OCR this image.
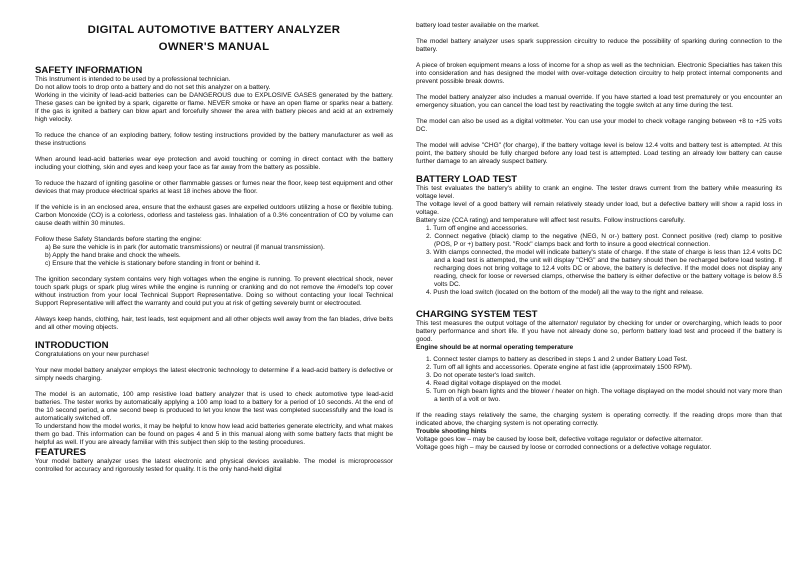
DIGITAL AUTOMOTIVE BATTERY ANALYZER
OWNER'S MANUAL
SAFETY INFORMATION

This Instrument is intended to be used by a professional technician.

Do not allow tools to drop onto a battery and do not set this analyzer on a battery.

Working in the vicinity of lead-acid batteries can be DANGEROUS due to EXPLOSIVE GASES generated by the battery. These gases can be ignited by a spark, cigarette or flame. NEVER smoke or have an open flame or sparks near a battery. If the gas is ignited a battery can blow apart and forcefully shower the area with battery pieces and acid at an extremely high velocity.

To reduce the chance of an exploding battery, follow testing instructions provided by the battery manufacturer as well as these instructions

When around lead-acid batteries wear eye protection and avoid touching or coming in direct contact with the battery including your clothing, skin and eyes and keep your face as far away from the battery as possible.

To reduce the hazard of igniting gasoline or other flammable gasses or fumes near the floor, keep test equipment and other devices that may produce electrical sparks at least 18 inches above the floor.

If the vehicle is in an enclosed area, ensure that the exhaust gases are expelled outdoors utilizing a hose or flexible tubing. Carbon Monoxide (CO) is a colorless, odorless and tasteless gas. Inhalation of a 0.3% concentration of CO by volume can cause death within 30 minutes.

Follow these Safety Standards before starting the engine:

a) Be sure the vehicle is in park (for automatic transmissions) or neutral (if manual transmission).

b) Apply the hand brake and chock the wheels.

c) Ensure that the vehicle is stationary before standing in front or behind it.

The ignition secondary system contains very high voltages when the engine is running. To prevent electrical shock, never touch spark plugs or spark plug wires while the engine is running or cranking and do not remove the #model's top cover without instruction from your local Technical Support Representative. Doing so without contacting your local Technical Support Representative will affect the warranty and could put you at risk of getting severely burnt or electrocuted.

Always keep hands, clothing, hair, test leads, test equipment and all other objects well away from the fan blades, drive belts and all other moving objects.

INTRODUCTION

Congratulations on your new purchase!

Your new model battery analyzer employs the latest electronic technology to determine if a lead-acid battery is defective or simply needs charging.

The model is an automatic, 100 amp resistive load battery analyzer that is used to check automotive type lead-acid batteries. The tester works by automatically applying a 100 amp load to a battery for a period of 10 seconds. At the end of the 10 second period, a one second beep is produced to let you know the test was completed successfully and the load is automatically switched off.

To understand how the model works, it may be helpful to know how lead acid batteries generate electricity, and what makes them go bad. This information can be found on pages 4 and 5 in this manual along with some battery facts that might be helpful as well. If you are already familiar with this subject then skip to the testing procedures.

FEATURES

Your model battery analyzer uses the latest electronic and physical devices available. The model is microprocessor controlled for accuracy and rigorously tested for quality. It is the only hand-held digital

battery load tester available on the market.

The model battery analyzer uses spark suppression circuitry to reduce the possibility of sparking during connection to the battery.

A piece of broken equipment means a loss of income for a shop as well as the technician. Electronic Specialties has taken this into consideration and has designed the model with over-voltage detection circuitry to help protect internal components and prevent possible break downs.

The model battery analyzer also includes a manual override. If you have started a load test prematurely or you encounter an emergency situation, you can cancel the load test by reactivating the toggle switch at any time during the test.

The model can also be used as a digital voltmeter. You can use your model to check voltage ranging between +8 to +25 volts DC.

The model will advise "CHG" (for charge), if the battery voltage level is below 12.4 volts and battery test is attempted. At this point, the battery should be fully charged before any load test is attempted. Load testing an already low battery can cause further damage to an already suspect battery.

BATTERY LOAD TEST

This test evaluates the battery's ability to crank an engine. The tester draws current from the battery while measuring its voltage level.

The voltage level of a good battery will remain relatively steady under load, but a defective battery will show a rapid loss in voltage.

Battery size (CCA rating) and temperature will affect test results. Follow instructions carefully.

1. Turn off engine and accessories.

2. Connect negative (black) clamp to the negative (NEG, N or-) battery post. Connect positive (red) clamp to positive (POS, P or +) battery post. "Rock" clamps back and forth to insure a good electrical connection.

3. With clamps connected, the model will indicate battery's state of charge. If the state of charge is less than 12.4 volts DC and a load test is attempted, the unit will display "CHG" and the battery should then be recharged before load testing. If recharging does not bring voltage to 12.4 volts DC or above, the battery is defective. If the model does not display any reading, check for loose or reversed clamps, otherwise the battery is either defective or the battery voltage is below 8.5 volts DC.

4. Push the load switch (located on the bottom of the model) all the way to the right and release.

CHARGING SYSTEM TEST

This test measures the output voltage of the alternator/ regulator by checking for under or overcharging, which leads to poor battery performance and short life. If you have not already done so, perform battery load test and proceed if the battery is good.

Engine should be at normal operating temperature

1. Connect tester clamps to battery as described in steps 1 and 2 under Battery Load Test.

2. Turn off all lights and accessories. Operate engine at fast idle (approximately 1500 RPM).

3. Do not operate tester's load switch.

4. Read digital voltage displayed on the model.

5. Turn on high beam lights and the blower / heater on high. The voltage displayed on the model should not vary more than a tenth of a volt or two.

If the reading stays relatively the same, the charging system is operating correctly. If the reading drops more than that indicated above, the charging system is not operating correctly.

Trouble shooting hints

Voltage goes low – may be caused by loose belt, defective voltage regulator or defective alternator.

Voltage goes high – may be caused by loose or corroded connections or a defective voltage regulator.
